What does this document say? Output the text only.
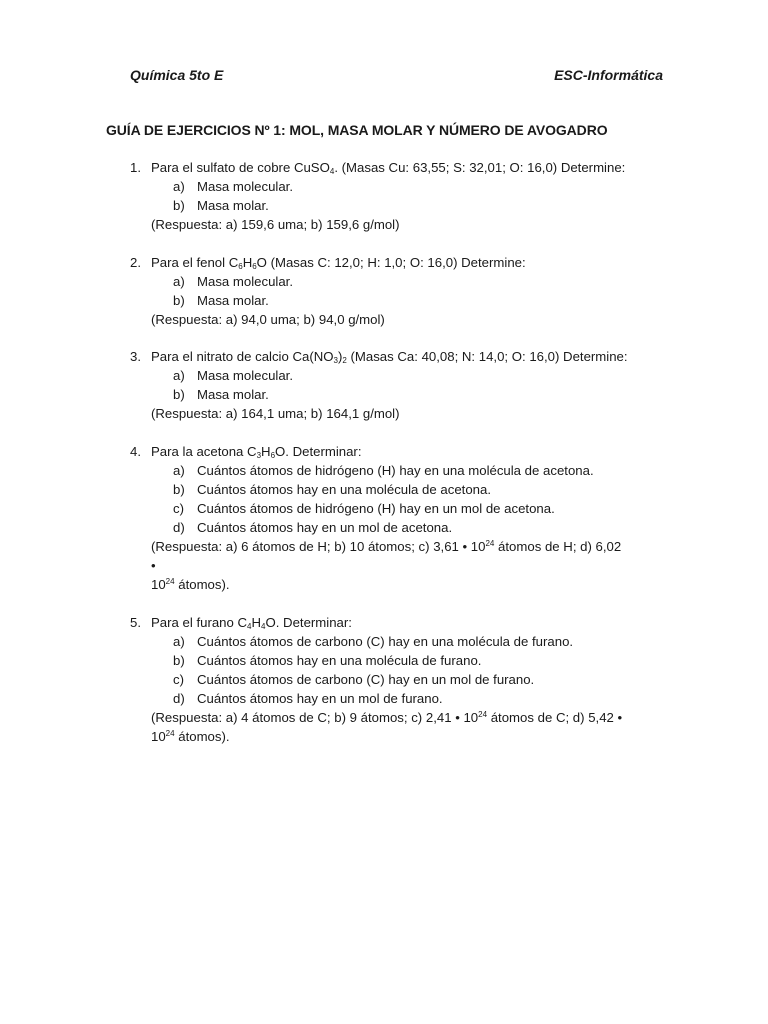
Química 5to E	ESC-Informática
GUÍA DE EJERCICIOS Nº 1: MOL, MASA MOLAR Y NÚMERO DE AVOGADRO
1. Para el sulfato de cobre CuSO$_4$. (Masas Cu: 63,55; S: 32,01; O: 16,0) Determine:
a) Masa molecular.
b) Masa molar.
(Respuesta: a) 159,6 uma; b) 159,6 g/mol)
2. Para el fenol $C_6H_6O$ (Masas C: 12,0; H: 1,0; O: 16,0) Determine:
a) Masa molecular.
b) Masa molar.
(Respuesta: a) 94,0 uma; b) 94,0 g/mol)
3. Para el nitrato de calcio $Ca(NO_3)_2$ (Masas Ca: 40,08; N: 14,0; O: 16,0) Determine:
a) Masa molecular.
b) Masa molar.
(Respuesta: a) 164,1 uma; b) 164,1 g/mol)
4. Para la acetona $C_3H_6O$. Determinar:
a) Cuántos átomos de hidrógeno (H) hay en una molécula de acetona.
b) Cuántos átomos hay en una molécula de acetona.
c) Cuántos átomos de hidrógeno (H) hay en un mol de acetona.
d) Cuántos átomos hay en un mol de acetona.
(Respuesta: a) 6 átomos de H; b) 10 átomos; c) 3,61 • $10^{24}$ átomos de H; d) 6,02
•
$10^{24}$ átomos).
5. Para el furano $C_4H_4O$. Determinar:
a) Cuántos átomos de carbono (C) hay en una molécula de furano.
b) Cuántos átomos hay en una molécula de furano.
c) Cuántos átomos de carbono (C) hay en un mol de furano.
d) Cuántos átomos hay en un mol de furano.
(Respuesta: a) 4 átomos de C; b) 9 átomos; c) 2,41 • $10^{24}$ átomos de C; d) 5,42 •
$10^{24}$ átomos).
